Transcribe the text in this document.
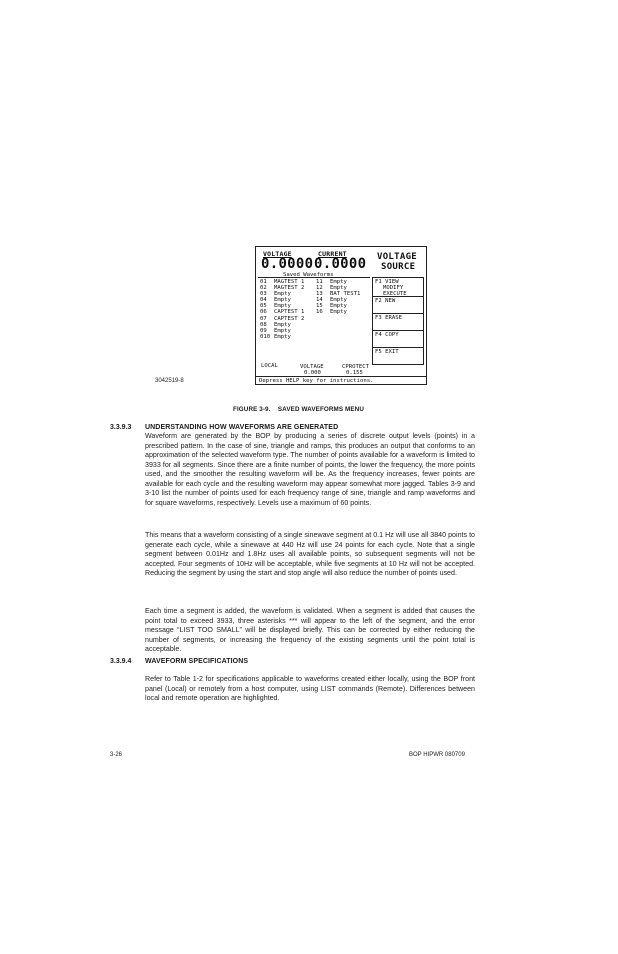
VOLTAGE
0.0000
CURRENT
0.0000 VOLTAGE
SOURCE
Saved Waveforms
01 MAGTEST 1
02 MAGTEST 2
03 Empty
04 Empty
05 Empty
06 CAPTEST 1
07 CAPTEST 2
08 Empty
09 Empty
010 Empty
11 Empty
12 Empty
13 BAT TEST1
14 Empty
15 Empty
16 Empty
F1 VIEW
MODIFY
EXECUTE
F2 NEW
F3 ERASE
F4 COPY
F5 EXIT
LOCAL	VOLTAGE
0.000
CPROTECT
0.155
Depress HELP key for instructions.
3042519-8
FIGURE 3-9.    SAVED WAVEFORMS MENU
3.3.9.3 UNDERSTANDING HOW WAVEFORMS ARE GENERATED

Waveform are generated by the BOP by producing a series of discrete output levels (points) in a prescribed pattern. In the case of sine, triangle and ramps, this produces an output that conforms to an approximation of the selected waveform type. The number of points available for a waveform is limited to 3933 for all segments. Since there are a finite number of points, the lower the frequency, the more points used, and the smoother the resulting waveform will be. As the frequency increases, fewer points are available for each cycle and the resulting waveform may appear somewhat more jagged. Tables 3-9 and 3-10 list the number of points used for each frequency range of sine, triangle and ramp waveforms and for square waveforms, respectively. Levels use a maximum of 60 points.

This means that a waveform consisting of a single sinewave segment at 0.1 Hz will use all 3840 points to generate each cycle, while a sinewave at 440 Hz will use 24 points for each cycle. Note that a single segment between 0.01Hz and 1.8Hz uses all available points, so subsequent segments will not be accepted. Four segments of 10Hz will be acceptable, while five segments at 10 Hz will not be accepted. Reducing the segment by using the start and stop angle will also reduce the number of points used.

Each time a segment is added, the waveform is validated. When a segment is added that causes the point total to exceed 3933, three asterisks *** will appear to the left of the segment, and the error message “LIST TOO SMALL” will be displayed briefly. This can be corrected by either reducing the number of segments, or increasing the frequency of the existing segments until the point total is acceptable.

3.3.9.4 WAVEFORM SPECIFICATIONS

Refer to Table 1-2 for specifications applicable to waveforms created either locally, using the BOP front panel (Local) or remotely from a host computer, using LIST commands (Remote). Differences between local and remote operation are highlighted.

3-26	BOP HIPWR 080709
